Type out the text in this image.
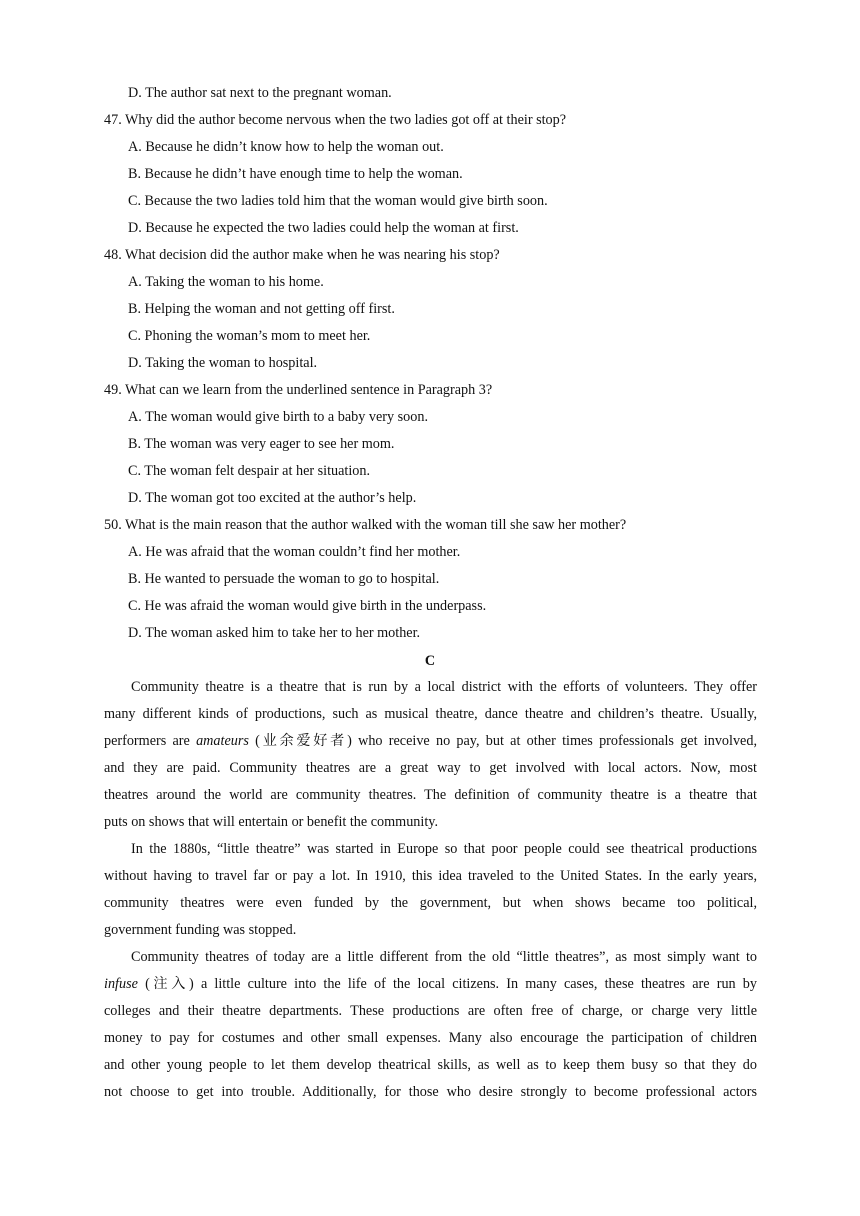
D. The author sat next to the pregnant woman.
47. Why did the author become nervous when the two ladies got off at their stop?
A. Because he didn’t know how to help the woman out.
B. Because he didn’t have enough time to help the woman.
C. Because the two ladies told him that the woman would give birth soon.
D. Because he expected the two ladies could help the woman at first.
48. What decision did the author make when he was nearing his stop?
A. Taking the woman to his home.
B. Helping the woman and not getting off first.
C. Phoning the woman’s mom to meet her.
D. Taking the woman to hospital.
49. What can we learn from the underlined sentence in Paragraph 3?
A. The woman would give birth to a baby very soon.
B. The woman was very eager to see her mom.
C. The woman felt despair at her situation.
D. The woman got too excited at the author’s help.
50. What is the main reason that the author walked with the woman till she saw her mother?
A. He was afraid that the woman couldn’t find her mother.
B. He wanted to persuade the woman to go to hospital.
C. He was afraid the woman would give birth in the underpass.
D. The woman asked him to take her to her mother.
C
Community theatre is a theatre that is run by a local district with the efforts of volunteers. They offer
many different kinds of productions, such as musical theatre, dance theatre and children’s theatre. Usually,
performers are amateurs (业余爱好者) who receive no pay, but at other times professionals get involved,
and they are paid. Community theatres are a great way to get involved with local actors. Now, most
theatres around the world are community theatres. The definition of community theatre is a theatre that
puts on shows that will entertain or benefit the community.
In the 1880s, “little theatre” was started in Europe so that poor people could see theatrical productions
without having to travel far or pay a lot. In 1910, this idea traveled to the United States. In the early years,
community theatres were even funded by the government, but when shows became too political,
government funding was stopped.
Community theatres of today are a little different from the old “little theatres”, as most simply want to
infuse (注入) a little culture into the life of the local citizens. In many cases, these theatres are run by
colleges and their theatre departments. These productions are often free of charge, or charge very little
money to pay for costumes and other small expenses. Many also encourage the participation of children
and other young people to let them develop theatrical skills, as well as to keep them busy so that they do
not choose to get into trouble. Additionally, for those who desire strongly to become professional actors
